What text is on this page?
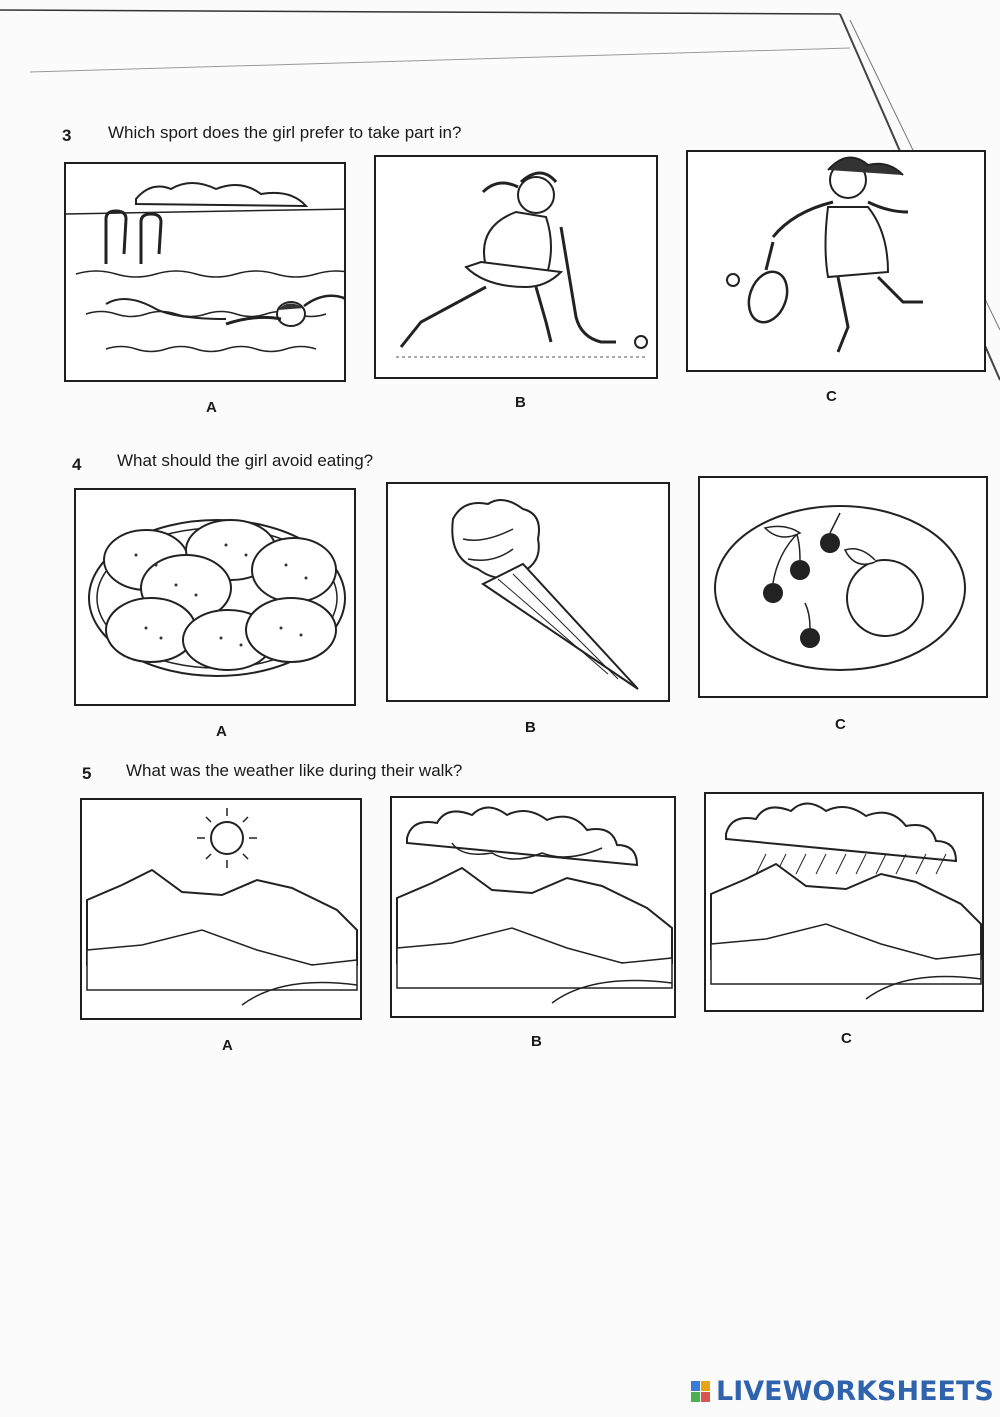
3 Which sport does the girl prefer to take part in?
A	B	C
4 What should the girl avoid eating?
A	B	C
5 What was the weather like during their walk?
A	B	C
LIVEWORKSHEETS
